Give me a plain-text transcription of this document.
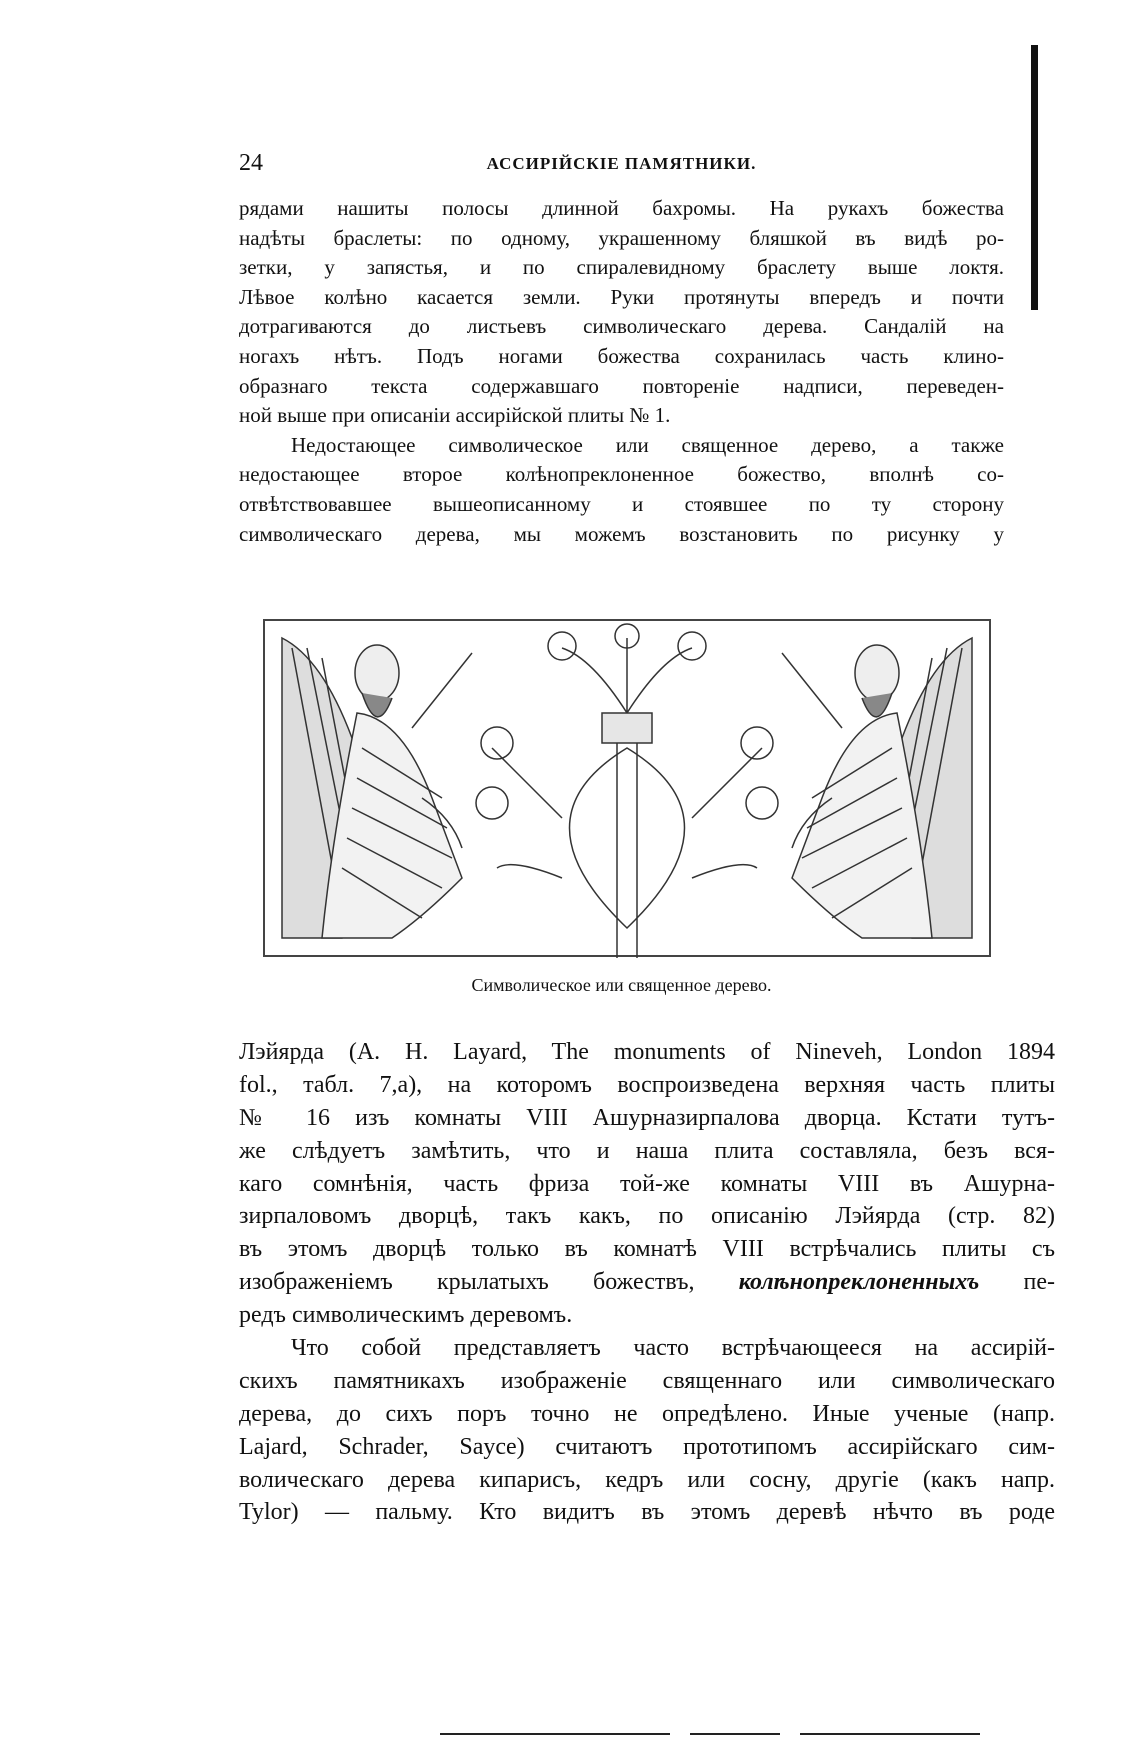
24	АССИРІЙСКІЕ ПАМЯТНИКИ.
рядами нашиты полосы длинной бахромы. На рукахъ божества
надѣты браслеты: по одному, украшенному бляшкой въ видѣ ро-
зетки, у запястья, и по спиралевидному браслету выше локтя.
Лѣвое колѣно касается земли. Руки протянуты впередъ и почти
дотрагиваются до листьевъ символическаго дерева. Сандалій на
ногахъ нѣтъ. Подъ ногами божества сохранилась часть клино-
образнаго текста содержавшаго повтореніе надписи, переведен-
ной выше при описаніи ассирійской плиты № 1.
Недостающее символическое или священное дерево, а также
недостающее второе колѣнопреклоненное божество, вполнѣ со-
отвѣтствовавшее вышеописанному и стоявшее по ту сторону
символическаго дерева, мы можемъ возстановить по рисунку у
Символическое или священное дерево.
Лэйярда (A. H. Layard, The monuments of Nineveh, London 1894
fol., табл. 7,a), на которомъ воспроизведена верхняя часть плиты
№ 16 изъ комнаты VIII Ашурназирпалова дворца. Кстати тутъ-
же слѣдуетъ замѣтить, что и наша плита составляла, безъ вся-
каго сомнѣнія, часть фриза той-же комнаты VIII въ Ашурна-
зирпаловомъ дворцѣ, такъ какъ, по описанію Лэйярда (стр. 82)
въ этомъ дворцѣ только въ комнатѣ VIII встрѣчались плиты съ
изображеніемъ крылатыхъ божествъ, колѣнопреклоненныхъ пе-
редъ символическимъ деревомъ.
Что собой представляетъ часто встрѣчающееся на ассирій-
скихъ памятникахъ изображеніе священнаго или символическаго
дерева, до сихъ поръ точно не опредѣлено. Иные ученые (напр.
Lajard, Schrader, Sayce) считаютъ прототипомъ ассирійскаго сим-
волическаго дерева кипарисъ, кедръ или сосну, другіе (какъ напр.
Tylor) — пальму. Кто видитъ въ этомъ деревѣ нѣчто въ роде
